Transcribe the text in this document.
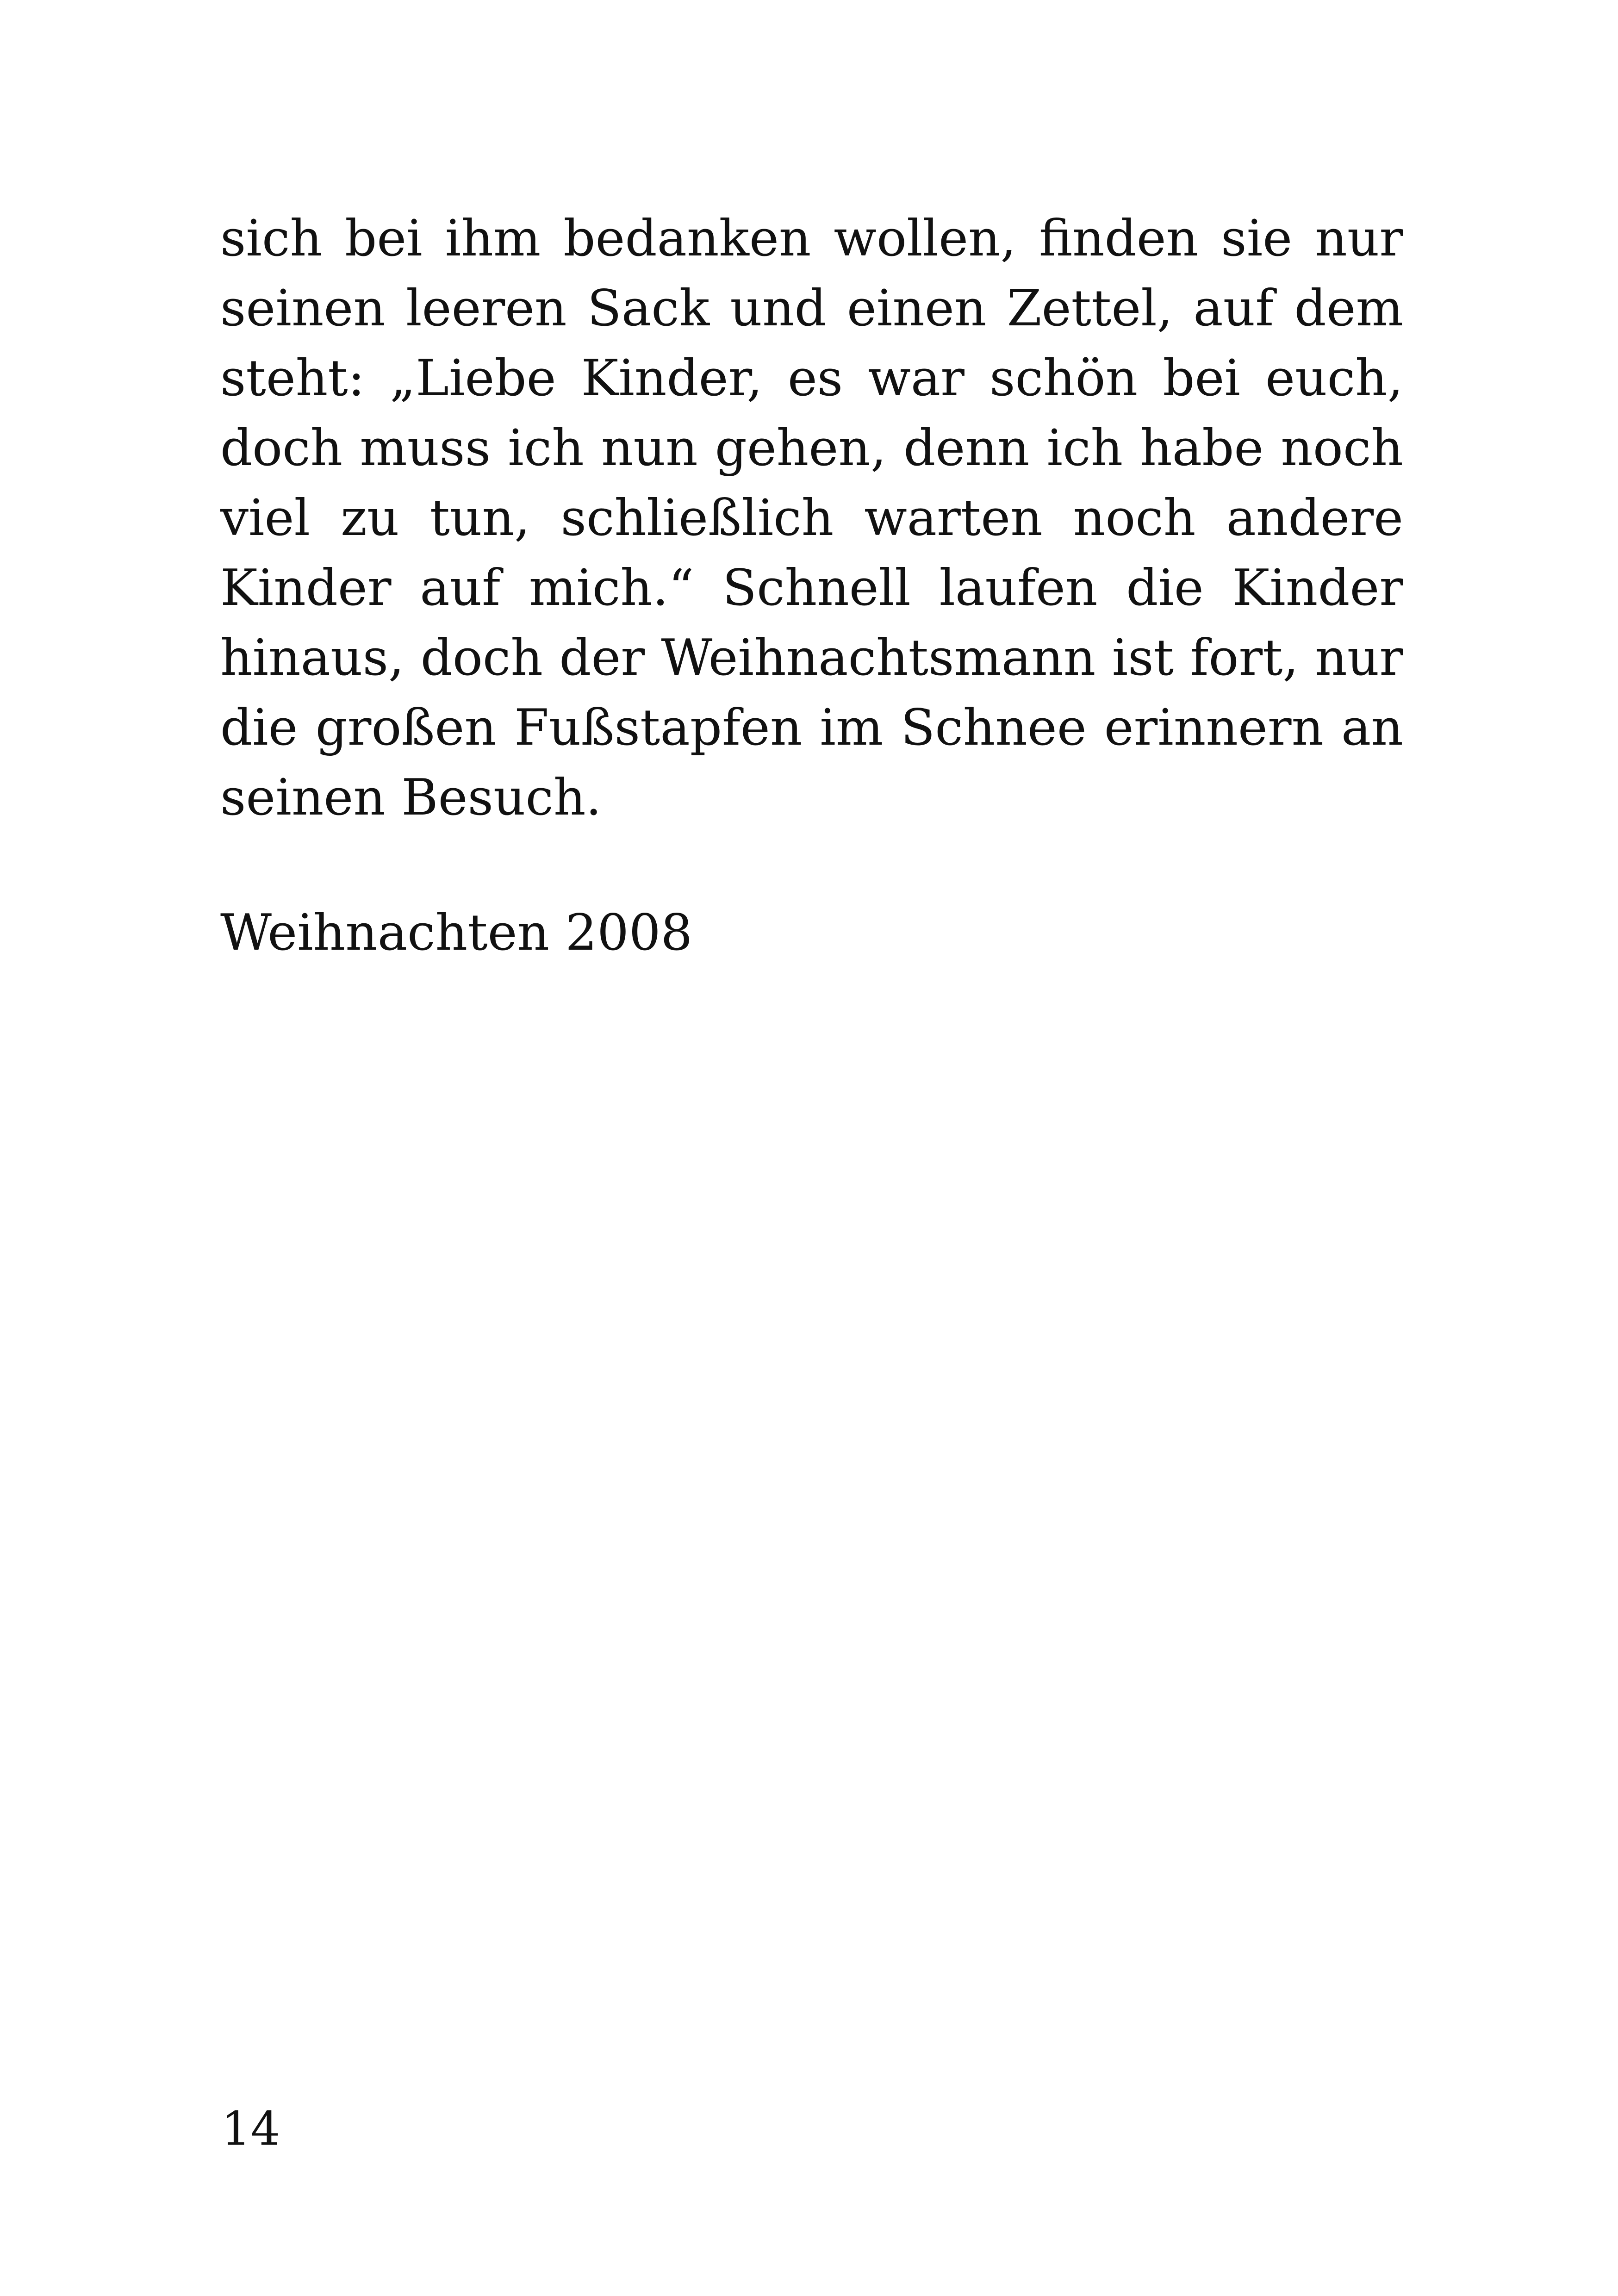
sich bei ihm bedanken wollen, finden sie nur
seinen leeren Sack und einen Zettel, auf dem
steht: „Liebe Kinder, es war schön bei euch,
doch muss ich nun gehen, denn ich habe noch
viel zu tun, schließlich warten noch andere
Kinder auf mich.“ Schnell laufen die Kinder
hinaus, doch der Weihnachtsmann ist fort, nur
die großen Fußstapfen im Schnee erinnern an
seinen Besuch.
Weihnachten 2008
14
